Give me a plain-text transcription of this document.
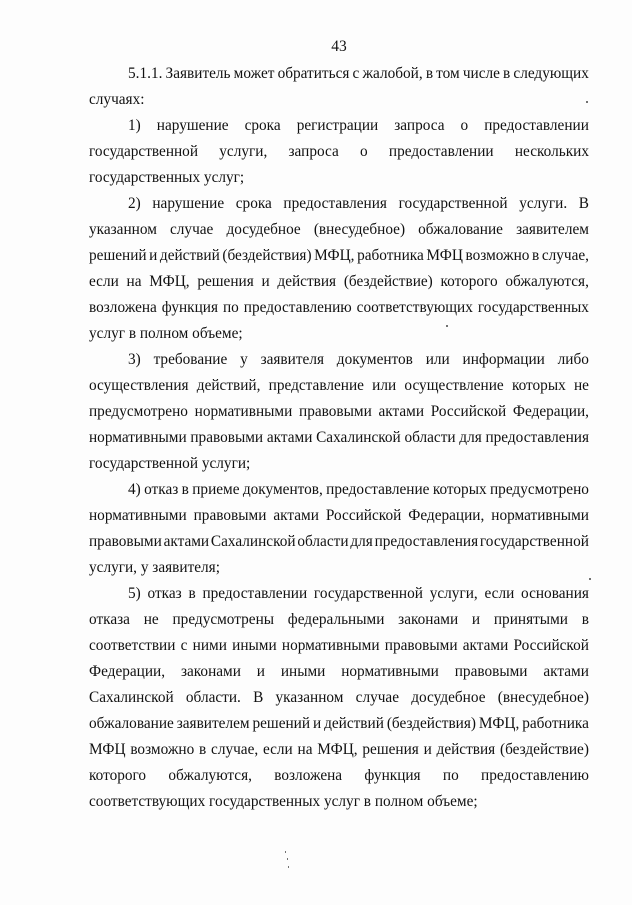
43
5.1.1. Заявитель может обратиться с жалобой, в том числе в следующих
случаях:
1) нарушение срока регистрации запроса о предоставлении
государственной услуги, запроса о предоставлении нескольких
государственных услуг;
2) нарушение срока предоставления государственной услуги. В
указанном случае досудебное (внесудебное) обжалование заявителем
решений и действий (бездействия) МФЦ, работника МФЦ возможно в случае,
если на МФЦ, решения и действия (бездействие) которого обжалуются,
возложена функция по предоставлению соответствующих государственных
услуг в полном объеме;
3) требование у заявителя документов или информации либо
осуществления действий, представление или осуществление которых не
предусмотрено нормативными правовыми актами Российской Федерации,
нормативными правовыми актами Сахалинской области для предоставления
государственной услуги;
4) отказ в приеме документов, предоставление которых предусмотрено
нормативными правовыми актами Российской Федерации, нормативными
правовыми актами Сахалинской области для предоставления государственной
услуги, у заявителя;
5) отказ в предоставлении государственной услуги, если основания
отказа не предусмотрены федеральными законами и принятыми в
соответствии с ними иными нормативными правовыми актами Российской
Федерации, законами и иными нормативными правовыми актами
Сахалинской области. В указанном случае досудебное (внесудебное)
обжалование заявителем решений и действий (бездействия) МФЦ, работника
МФЦ возможно в случае, если на МФЦ, решения и действия (бездействие)
которого обжалуются, возложена функция по предоставлению
соответствующих государственных услуг в полном объеме;
